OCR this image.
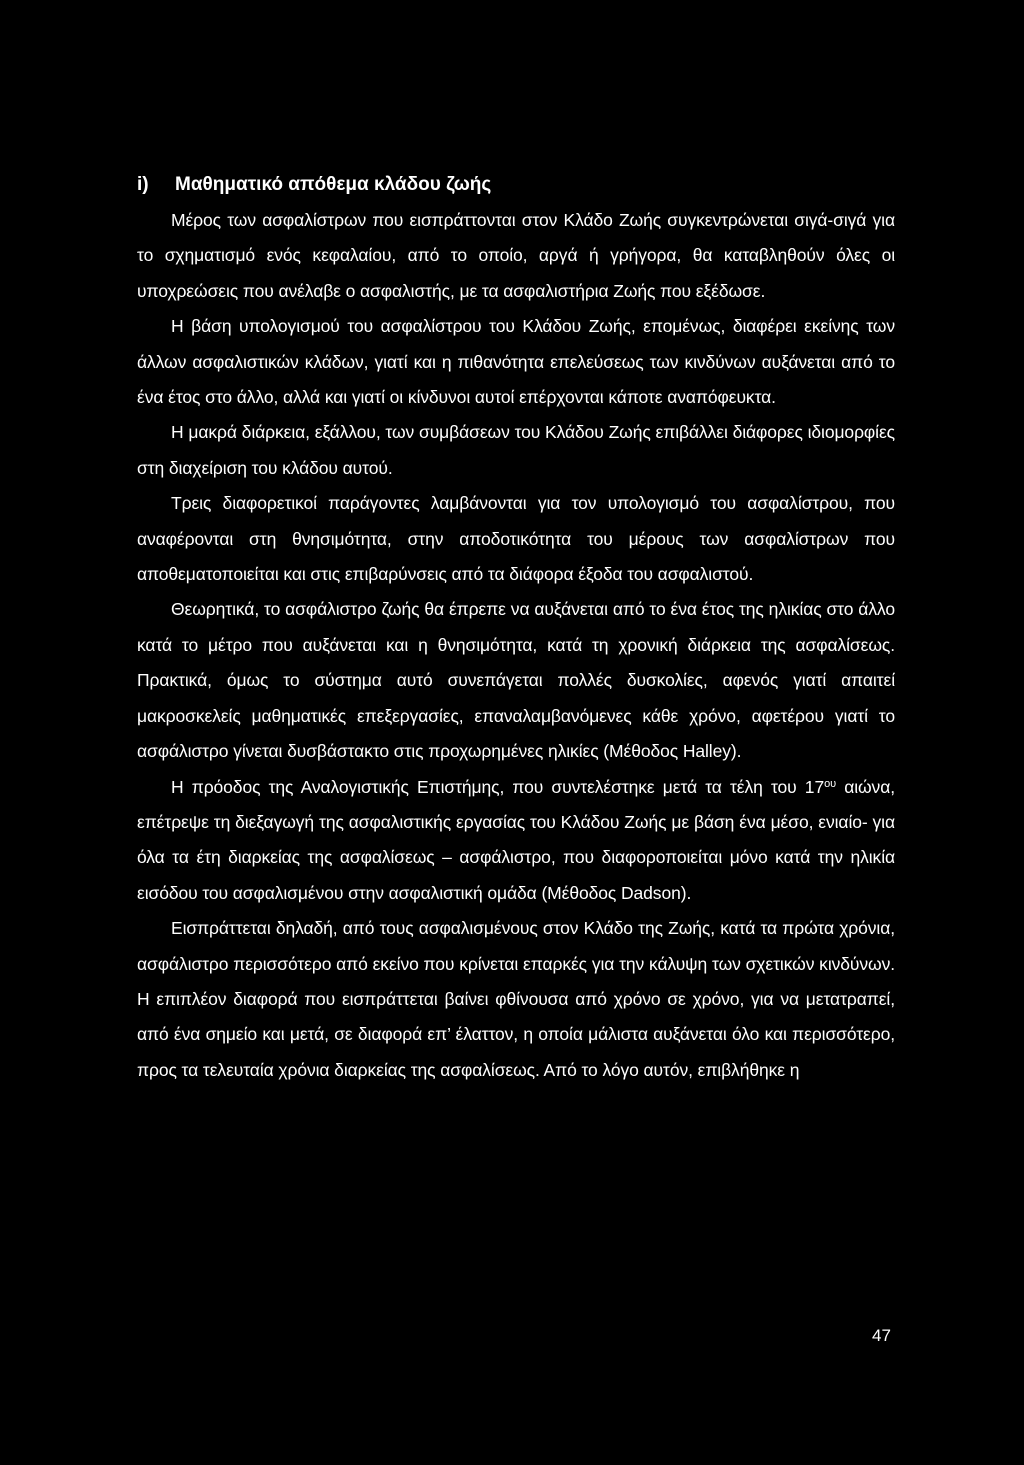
i) Μαθηματικό απόθεμα κλάδου ζωής

Μέρος των ασφαλίστρων που εισπράττονται στον Κλάδο Ζωής συγκεντρώνεται σιγά-σιγά για το σχηματισμό ενός κεφαλαίου, από το οποίο, αργά ή γρήγορα, θα καταβληθούν όλες οι υποχρεώσεις που ανέλαβε ο ασφαλιστής, με τα ασφαλιστήρια Ζωής που εξέδωσε.

Η βάση υπολογισμού του ασφαλίστρου του Κλάδου Ζωής, επομένως, διαφέρει εκείνης των άλλων ασφαλιστικών κλάδων, γιατί και η πιθανότητα επελεύσεως των κινδύνων αυξάνεται από το ένα έτος στο άλλο, αλλά και γιατί οι κίνδυνοι αυτοί επέρχονται κάποτε αναπόφευκτα.

Η μακρά διάρκεια, εξάλλου, των συμβάσεων του Κλάδου Ζωής επιβάλλει διάφορες ιδιομορφίες στη διαχείριση του κλάδου αυτού.

Τρεις διαφορετικοί παράγοντες λαμβάνονται για τον υπολογισμό του ασφαλίστρου, που αναφέρονται στη θνησιμότητα, στην αποδοτικότητα του μέρους των ασφαλίστρων που αποθεματοποιείται και στις επιβαρύνσεις από τα διάφορα έξοδα του ασφαλιστού.

Θεωρητικά, το ασφάλιστρο ζωής θα έπρεπε να αυξάνεται από το ένα έτος της ηλικίας στο άλλο κατά το μέτρο που αυξάνεται και η θνησιμότητα, κατά τη χρονική διάρκεια της ασφαλίσεως. Πρακτικά, όμως το σύστημα αυτό συνεπάγεται πολλές δυσκολίες, αφενός γιατί απαιτεί μακροσκελείς μαθηματικές επεξεργασίες, επαναλαμβανόμενες κάθε χρόνο, αφετέρου γιατί το ασφάλιστρο γίνεται δυσβάστακτο στις προχωρημένες ηλικίες (Μέθοδος Halley).

Η πρόοδος της Αναλογιστικής Επιστήμης, που συντελέστηκε μετά τα τέλη του $17^{o\upsilon}$ αιώνα, επέτρεψε τη διεξαγωγή της ασφαλιστικής εργασίας του Κλάδου Ζωής με βάση ένα μέσο, ενιαίο- για όλα τα έτη διαρκείας της ασφαλίσεως – ασφάλιστρο, που διαφοροποιείται μόνο κατά την ηλικία εισόδου του ασφαλισμένου στην ασφαλιστική ομάδα (Μέθοδος Dadson).

Εισπράττεται δηλαδή, από τους ασφαλισμένους στον Κλάδο της Ζωής, κατά τα πρώτα χρόνια, ασφάλιστρο περισσότερο από εκείνο που κρίνεται επαρκές για την κάλυψη των σχετικών κινδύνων. Η επιπλέον διαφορά που εισπράττεται βαίνει φθίνουσα από χρόνο σε χρόνο, για να μετατραπεί, από ένα σημείο και μετά, σε διαφορά επ’ έλαττον, η οποία μάλιστα αυξάνεται όλο και περισσότερο, προς τα τελευταία χρόνια διαρκείας της ασφαλίσεως. Από το λόγο αυτόν, επιβλήθηκε η

47
